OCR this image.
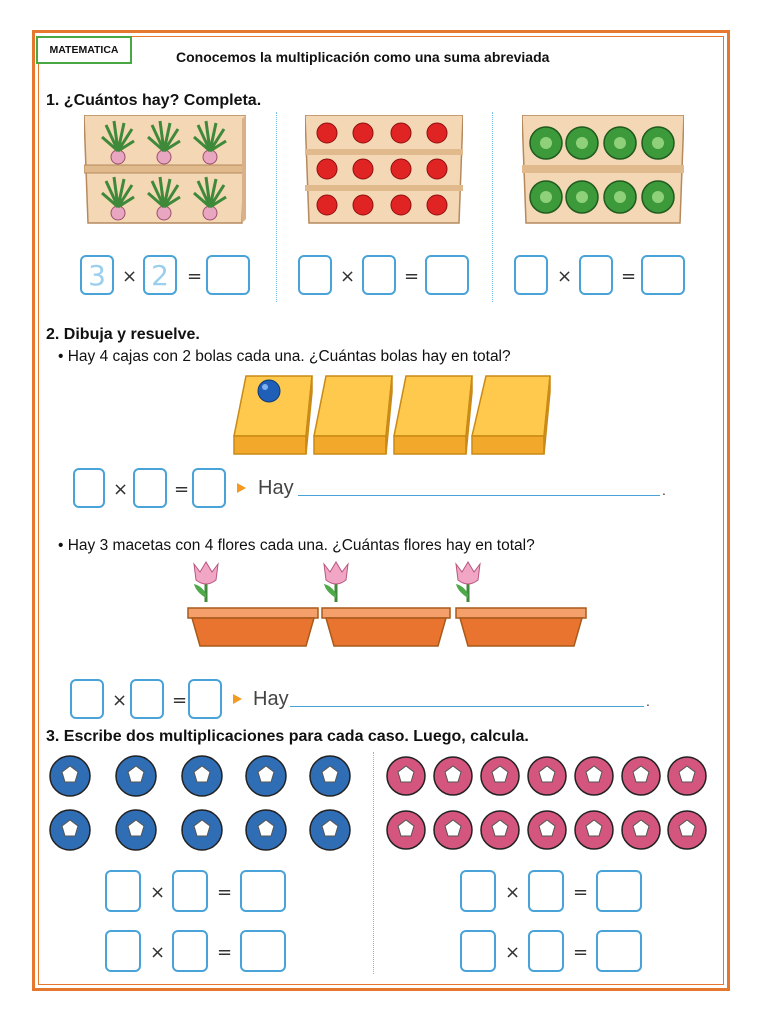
MATEMATICA	Conocemos la multiplicación como una suma abreviada
1. ¿Cuántos hay? Completa.
3 × 2	=	×	=	×	=
2. Dibuja y resuelve.
• Hay 4 cajas con 2 bolas cada una. ¿Cuántas bolas hay en total?
×	=	Hay	.
• Hay 3 macetas con 4 flores cada una. ¿Cuántas flores hay en total?
× =	Hay	.
3. Escribe dos multiplicaciones para cada caso. Luego, calcula.
×	=
×	=
×	=
×	=
